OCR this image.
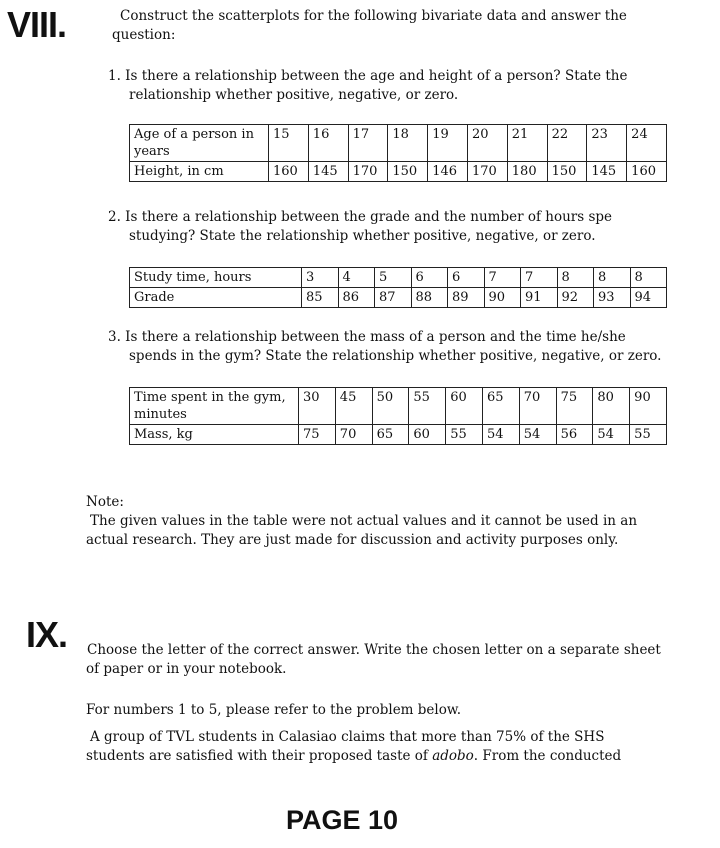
VIII.	Construct the scatterplots for the following bivariate data and answer the
question:
1. Is there a relationship between the age and height of a person? State the
relationship whether positive, negative, or zero.
Age of a person in years	15	16	17	18	19	20	21	22	23	24
Height, in cm	160	145	170	150	146	170	180	150	145	160
2. Is there a relationship between the grade and the number of hours spe
studying? State the relationship whether positive, negative, or zero.
Study time, hours	3	4	5	6	6	7	7	8	8	8
Grade	85	86	87	88	89	90	91	92	93	94
3. Is there a relationship between the mass of a person and the time he/she
spends in the gym? State the relationship whether positive, negative, or zero.
Time spent in the gym, minutes	30	45	50	55	60	65	70	75	80	90
Mass, kg	75	70	65	60	55	54	54	56	54	55
Note:
The given values in the table were not actual values and it cannot be used in an
actual research. They are just made for discussion and activity purposes only.
IX. Choose the letter of the correct answer. Write the chosen letter on a separate sheet
of paper or in your notebook.
For numbers 1 to 5, please refer to the problem below.
A group of TVL students in Calasiao claims that more than 75% of the SHS
students are satisfied with their proposed taste of adobo. From the conducted
PAGE 10
